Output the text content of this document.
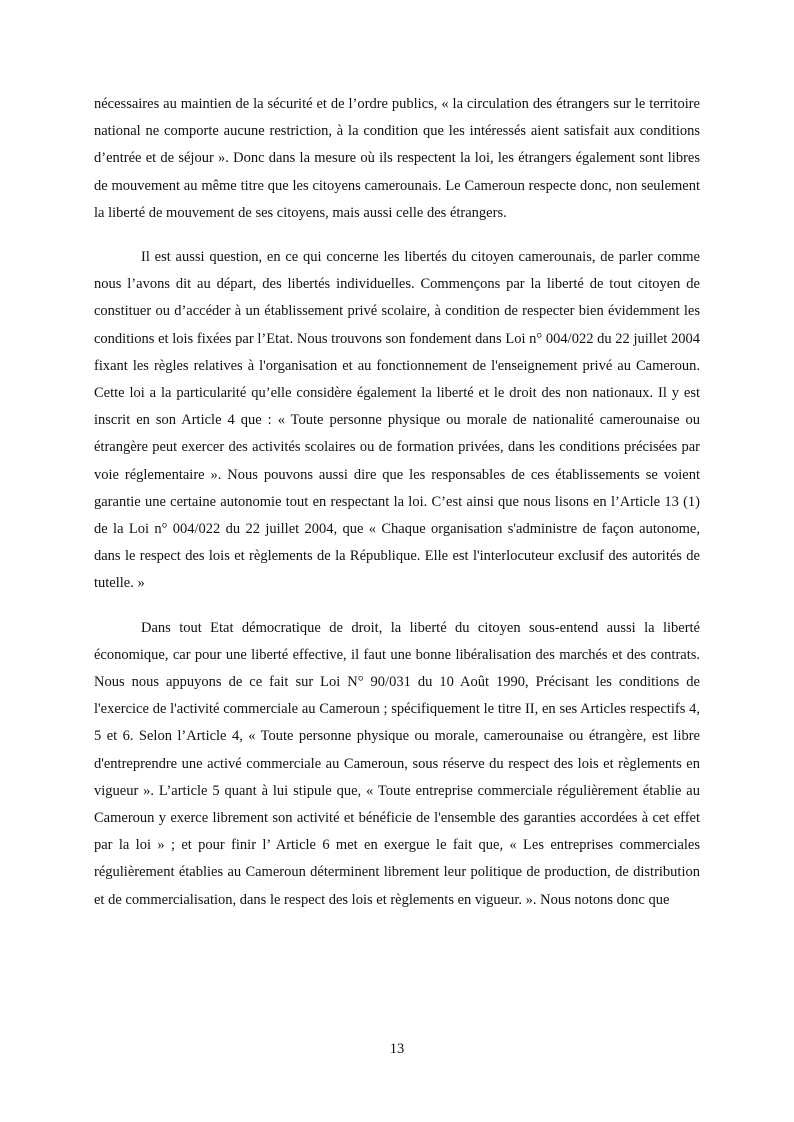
nécessaires au maintien de la sécurité et de l’ordre publics, « la circulation des étrangers sur le territoire national ne comporte aucune restriction, à la condition que les intéressés aient satisfait aux conditions d’entrée et de séjour ». Donc dans la mesure où ils respectent la loi, les étrangers également sont libres de mouvement au même titre que les citoyens camerounais. Le Cameroun respecte donc, non seulement la liberté de mouvement de ses citoyens, mais aussi celle des étrangers.

Il est aussi question, en ce qui concerne les libertés du citoyen camerounais, de parler comme nous l’avons dit au départ, des libertés individuelles. Commençons par la liberté de tout citoyen de constituer ou d’accéder à un établissement privé scolaire, à condition de respecter bien évidemment les conditions et lois fixées par l’Etat. Nous trouvons son fondement dans Loi n° 004/022 du 22 juillet 2004 fixant les règles relatives à l'organisation et au fonctionnement de l'enseignement privé au Cameroun. Cette loi a la particularité qu’elle considère également la liberté et le droit des non nationaux. Il y est inscrit en son Article 4 que : « Toute personne physique ou morale de nationalité camerounaise ou étrangère peut exercer des activités scolaires ou de formation privées, dans les conditions précisées par voie réglementaire ». Nous pouvons aussi dire que les responsables de ces établissements se voient garantie une certaine autonomie tout en respectant la loi. C’est ainsi que nous lisons en l’Article 13 (1) de la Loi n° 004/022 du 22 juillet 2004, que « Chaque organisation s'administre de façon autonome, dans le respect des lois et règlements de la République. Elle est l'interlocuteur exclusif des autorités de tutelle. »

Dans tout Etat démocratique de droit, la liberté du citoyen sous-entend aussi la liberté économique, car pour une liberté effective, il faut une bonne libéralisation des marchés et des contrats. Nous nous appuyons de ce fait sur Loi N° 90/031 du 10 Août 1990, Précisant les conditions de l'exercice de l'activité commerciale au Cameroun ; spécifiquement le titre II, en ses Articles respectifs 4, 5 et 6. Selon l’Article 4, « Toute personne physique ou morale, camerounaise ou étrangère, est libre d'entreprendre une activé commerciale au Cameroun, sous réserve du respect des lois et règlements en vigueur ». L’article 5 quant à lui stipule que, « Toute entreprise commerciale régulièrement établie au Cameroun y exerce librement son activité et bénéficie de l'ensemble des garanties accordées à cet effet par la loi » ; et pour finir l’ Article 6 met en exergue le fait que, « Les entreprises commerciales régulièrement établies au Cameroun déterminent librement leur politique de production, de distribution et de commercialisation, dans le respect des lois et règlements en vigueur. ». Nous notons donc que

13
